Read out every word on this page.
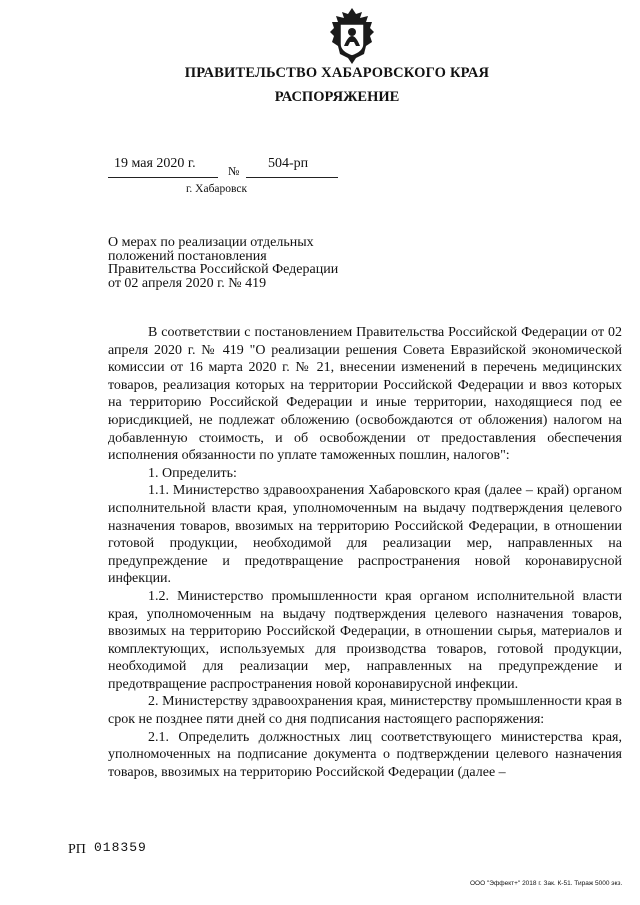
ПРАВИТЕЛЬСТВО ХАБАРОВСКОГО КРАЯ
РАСПОРЯЖЕНИЕ
19 мая 2020 г.	№ 504-рп
г. Хабаровск
О мерах по реализации отдельных положений постановления Правительства Российской Федерации от 02 апреля 2020 г. № 419

В соответствии с постановлением Правительства Российской Федерации от 02 апреля 2020 г. № 419 "О реализации решения Совета Евразийской экономической комиссии от 16 марта 2020 г. № 21, внесении изменений в перечень медицинских товаров, реализация которых на территории Российской Федерации и ввоз которых на территорию Российской Федерации и иные территории, находящиеся под ее юрисдикцией, не подлежат обложению (освобождаются от обложения) налогом на добавленную стоимость, и об освобождении от предоставления обеспечения исполнения обязанности по уплате таможенных пошлин, налогов":

1. Определить:

1.1. Министерство здравоохранения Хабаровского края (далее – край) органом исполнительной власти края, уполномоченным на выдачу подтверждения целевого назначения товаров, ввозимых на территорию Российской Федерации, в отношении готовой продукции, необходимой для реализации мер, направленных на предупреждение и предотвращение распространения новой коронавирусной инфекции.

1.2. Министерство промышленности края органом исполнительной власти края, уполномоченным на выдачу подтверждения целевого назначения товаров, ввозимых на территорию Российской Федерации, в отношении сырья, материалов и комплектующих, используемых для производства товаров, готовой продукции, необходимой для реализации мер, направленных на предупреждение и предотвращение распространения новой коронавирусной инфекции.

2. Министерству здравоохранения края, министерству промышленности края в срок не позднее пяти дней со дня подписания настоящего распоряжения:

2.1. Определить должностных лиц соответствующего министерства края, уполномоченных на подписание документа о подтверждении целевого назначения товаров, ввозимых на территорию Российской Федерации (далее –

РП 018359
ООО "Эффект+" 2018 г. Зак. К-51. Тираж 5000 экз.
